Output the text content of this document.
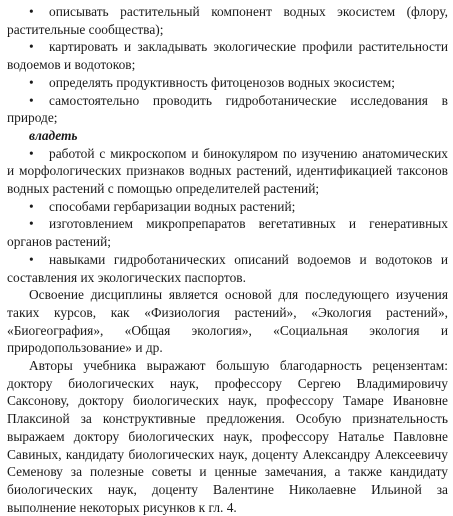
• описывать растительный компонент водных экосистем (флору, растительные сообщества);

• картировать и закладывать экологические профили растительности водоемов и водотоков;

• определять продуктивность фитоценозов водных экосистем;

• самостоятельно проводить гидроботанические исследования в природе;

владеть

• работой с микроскопом и бинокуляром по изучению анатомических и морфологических признаков водных растений, идентификацией таксонов водных растений с помощью определителей растений;

• способами гербаризации водных растений;

• изготовлением микропрепаратов вегетативных и генеративных органов растений;

• навыками гидроботанических описаний водоемов и водотоков и составления их экологических паспортов.

Освоение дисциплины является основой для последующего изучения таких курсов, как «Физиология растений», «Экология растений», «Биогеография», «Общая экология», «Социальная экология и природопользование» и др.

Авторы учебника выражают большую благодарность рецензентам: доктору биологических наук, профессору Сергею Владимировичу Саксонову, доктору биологических наук, профессору Тамаре Ивановне Плаксиной за конструктивные предложения. Особую признательность выражаем доктору биологических наук, профессору Наталье Павловне Савиных, кандидату биологических наук, доценту Александру Алексеевичу Семенову за полезные советы и ценные замечания, а также кандидату биологических наук, доценту Валентине Николаевне Ильиной за выполнение некоторых рисунков к гл. 4.
